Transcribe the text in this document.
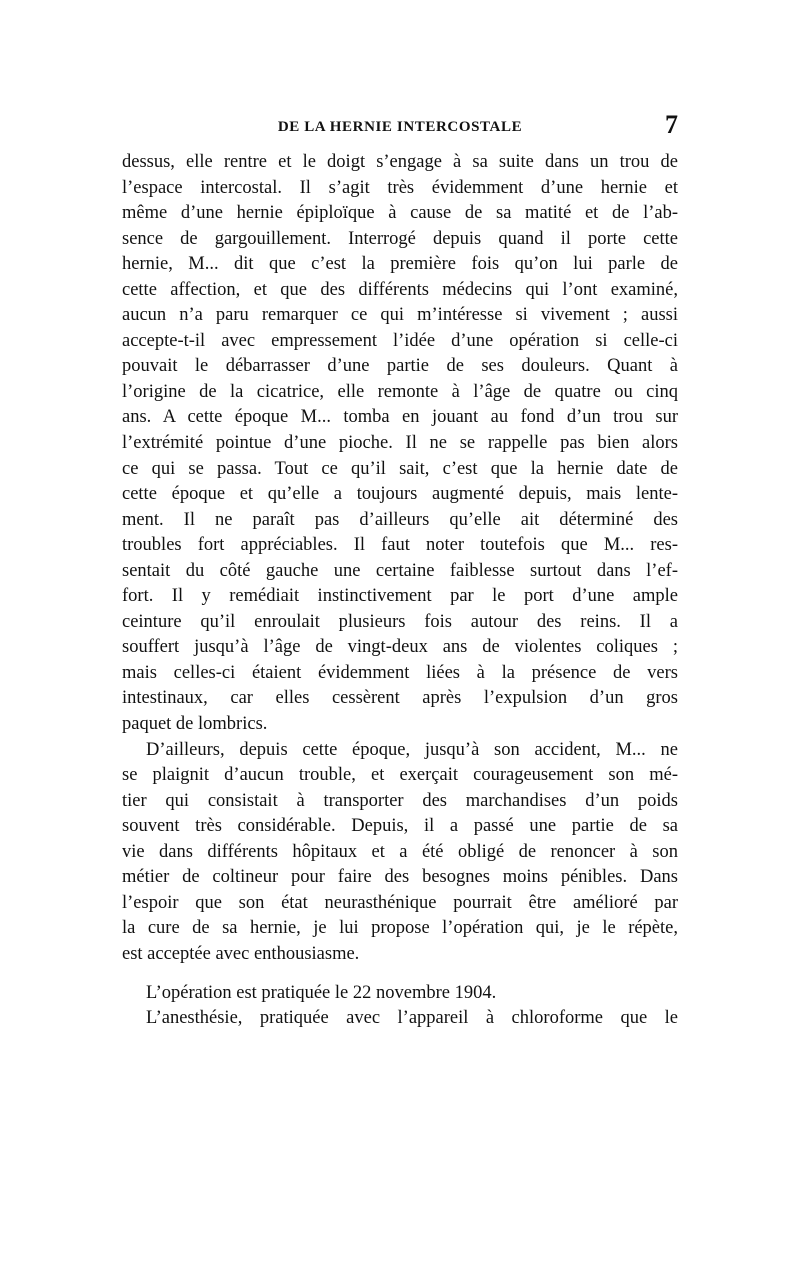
DE LA HERNIE INTERCOSTALE	7
dessus, elle rentre et le doigt s’engage à sa suite dans un trou de
l’espace intercostal. Il s’agit très évidemment d’une hernie et
même d’une hernie épiploïque à cause de sa matité et de l’ab-
sence de gargouillement. Interrogé depuis quand il porte cette
hernie, M... dit que c’est la première fois qu’on lui parle de
cette affection, et que des différents médecins qui l’ont examiné,
aucun n’a paru remarquer ce qui m’intéresse si vivement ; aussi
accepte-t-il avec empressement l’idée d’une opération si celle-ci
pouvait le débarrasser d’une partie de ses douleurs. Quant à
l’origine de la cicatrice, elle remonte à l’âge de quatre ou cinq
ans. A cette époque M... tomba en jouant au fond d’un trou sur
l’extrémité pointue d’une pioche. Il ne se rappelle pas bien alors
ce qui se passa. Tout ce qu’il sait, c’est que la hernie date de
cette époque et qu’elle a toujours augmenté depuis, mais lente-
ment. Il ne paraît pas d’ailleurs qu’elle ait déterminé des
troubles fort appréciables. Il faut noter toutefois que M... res-
sentait du côté gauche une certaine faiblesse surtout dans l’ef-
fort. Il y remédiait instinctivement par le port d’une ample
ceinture qu’il enroulait plusieurs fois autour des reins. Il a
souffert jusqu’à l’âge de vingt-deux ans de violentes coliques ;
mais celles-ci étaient évidemment liées à la présence de vers
intestinaux, car elles cessèrent après l’expulsion d’un gros
paquet de lombrics.
D’ailleurs, depuis cette époque, jusqu’à son accident, M... ne
se plaignit d’aucun trouble, et exerçait courageusement son mé-
tier qui consistait à transporter des marchandises d’un poids
souvent très considérable. Depuis, il a passé une partie de sa
vie dans différents hôpitaux et a été obligé de renoncer à son
métier de coltineur pour faire des besognes moins pénibles. Dans
l’espoir que son état neurasthénique pourrait être amélioré par
la cure de sa hernie, je lui propose l’opération qui, je le répète,
est acceptée avec enthousiasme.
L’opération est pratiquée le 22 novembre 1904.
L’anesthésie, pratiquée avec l’appareil à chloroforme que le
